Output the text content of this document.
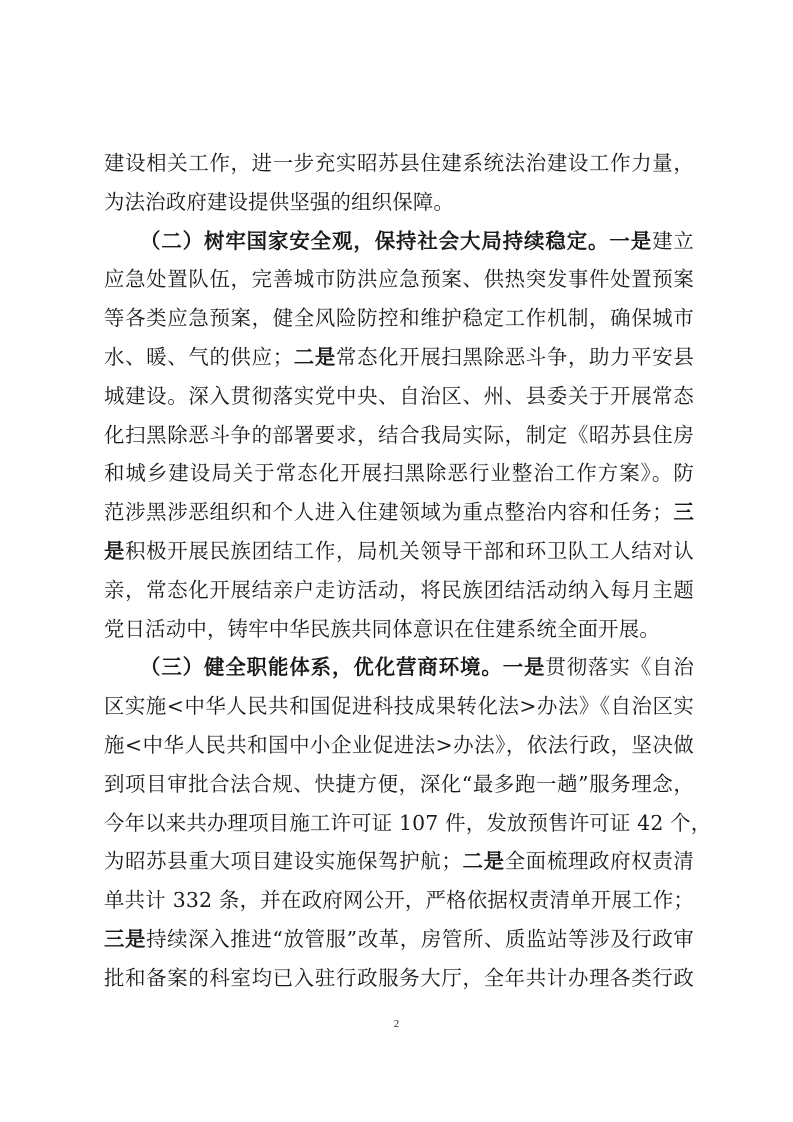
建设相关工作，进一步充实昭苏县住建系统法治建设工作力量，
为法治政府建设提供坚强的组织保障。
（二）树牢国家安全观，保持社会大局持续稳定。一是建立
应急处置队伍，完善城市防洪应急预案、供热突发事件处置预案
等各类应急预案，健全风险防控和维护稳定工作机制，确保城市
水、暖、气的供应；二是常态化开展扫黑除恶斗争，助力平安县
城建设。深入贯彻落实党中央、自治区、州、县委关于开展常态
化扫黑除恶斗争的部署要求，结合我局实际，制定《昭苏县住房
和城乡建设局关于常态化开展扫黑除恶行业整治工作方案》。防
范涉黑涉恶组织和个人进入住建领域为重点整治内容和任务；三
是积极开展民族团结工作，局机关领导干部和环卫队工人结对认
亲，常态化开展结亲户走访活动，将民族团结活动纳入每月主题
党日活动中，铸牢中华民族共同体意识在住建系统全面开展。
（三）健全职能体系，优化营商环境。一是贯彻落实《自治
区实施<中华人民共和国促进科技成果转化法>办法》《自治区实
施<中华人民共和国中小企业促进法>办法》，依法行政，坚决做
到项目审批合法合规、快捷方便，深化“最多跑一趟”服务理念，
今年以来共办理项目施工许可证 107 件，发放预售许可证 42 个，
为昭苏县重大项目建设实施保驾护航；二是全面梳理政府权责清
单共计 332 条，并在政府网公开，严格依据权责清单开展工作；
三是持续深入推进“放管服”改革，房管所、质监站等涉及行政审
批和备案的科室均已入驻行政服务大厅，全年共计办理各类行政
2
